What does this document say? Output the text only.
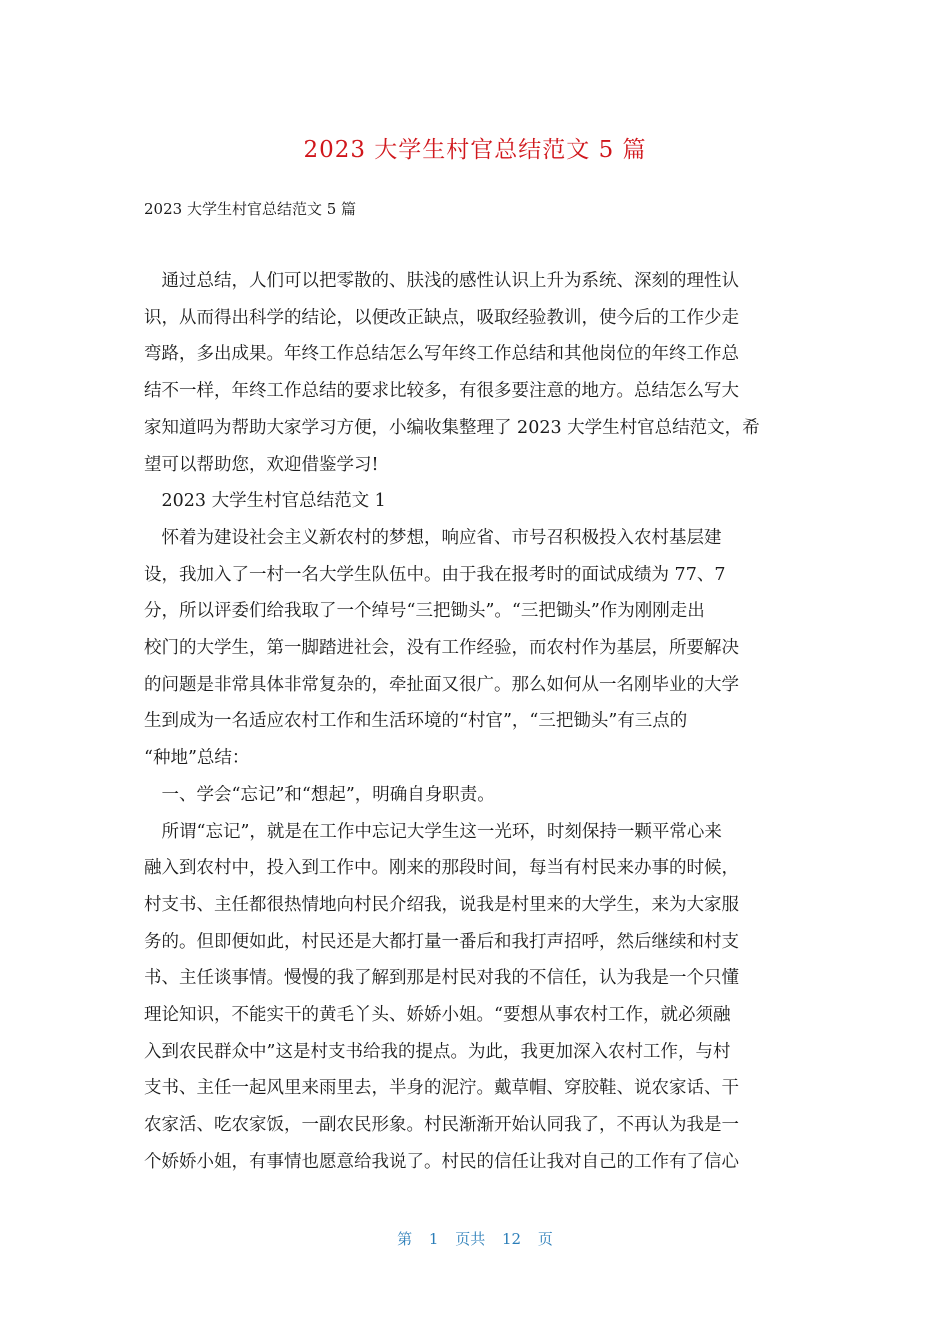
2023 大学生村官总结范文 5 篇

2023 大学生村官总结范文 5 篇

　通过总结，人们可以把零散的、肤浅的感性认识上升为系统、深刻的理性认

识，从而得出科学的结论，以便改正缺点，吸取经验教训，使今后的工作少走

弯路，多出成果。年终工作总结怎么写年终工作总结和其他岗位的年终工作总

结不一样，年终工作总结的要求比较多，有很多要注意的地方。总结怎么写大

家知道吗为帮助大家学习方便，小编收集整理了 2023 大学生村官总结范文，希

望可以帮助您，欢迎借鉴学习!

　2023 大学生村官总结范文 1

　怀着为建设社会主义新农村的梦想，响应省、市号召积极投入农村基层建

设，我加入了一村一名大学生队伍中。由于我在报考时的面试成绩为 77、7

分，所以评委们给我取了一个绰号“三把锄头”。“三把锄头”作为刚刚走出

校门的大学生，第一脚踏进社会，没有工作经验，而农村作为基层，所要解决

的问题是非常具体非常复杂的，牵扯面又很广。那么如何从一名刚毕业的大学

生到成为一名适应农村工作和生活环境的“村官”，“三把锄头”有三点的

“种地”总结：

　一、学会“忘记”和“想起”，明确自身职责。

　所谓“忘记”，就是在工作中忘记大学生这一光环，时刻保持一颗平常心来

融入到农村中，投入到工作中。刚来的那段时间，每当有村民来办事的时候，

村支书、主任都很热情地向村民介绍我，说我是村里来的大学生，来为大家服

务的。但即便如此，村民还是大都打量一番后和我打声招呼，然后继续和村支

书、主任谈事情。慢慢的我了解到那是村民对我的不信任，认为我是一个只懂

理论知识，不能实干的黄毛丫头、娇娇小姐。“要想从事农村工作，就必须融

入到农民群众中”这是村支书给我的提点。为此，我更加深入农村工作，与村

支书、主任一起风里来雨里去，半身的泥泞。戴草帽、穿胶鞋、说农家话、干

农家活、吃农家饭，一副农民形象。村民渐渐开始认同我了，不再认为我是一

个娇娇小姐，有事情也愿意给我说了。村民的信任让我对自己的工作有了信心

第 1 页共 12 页
